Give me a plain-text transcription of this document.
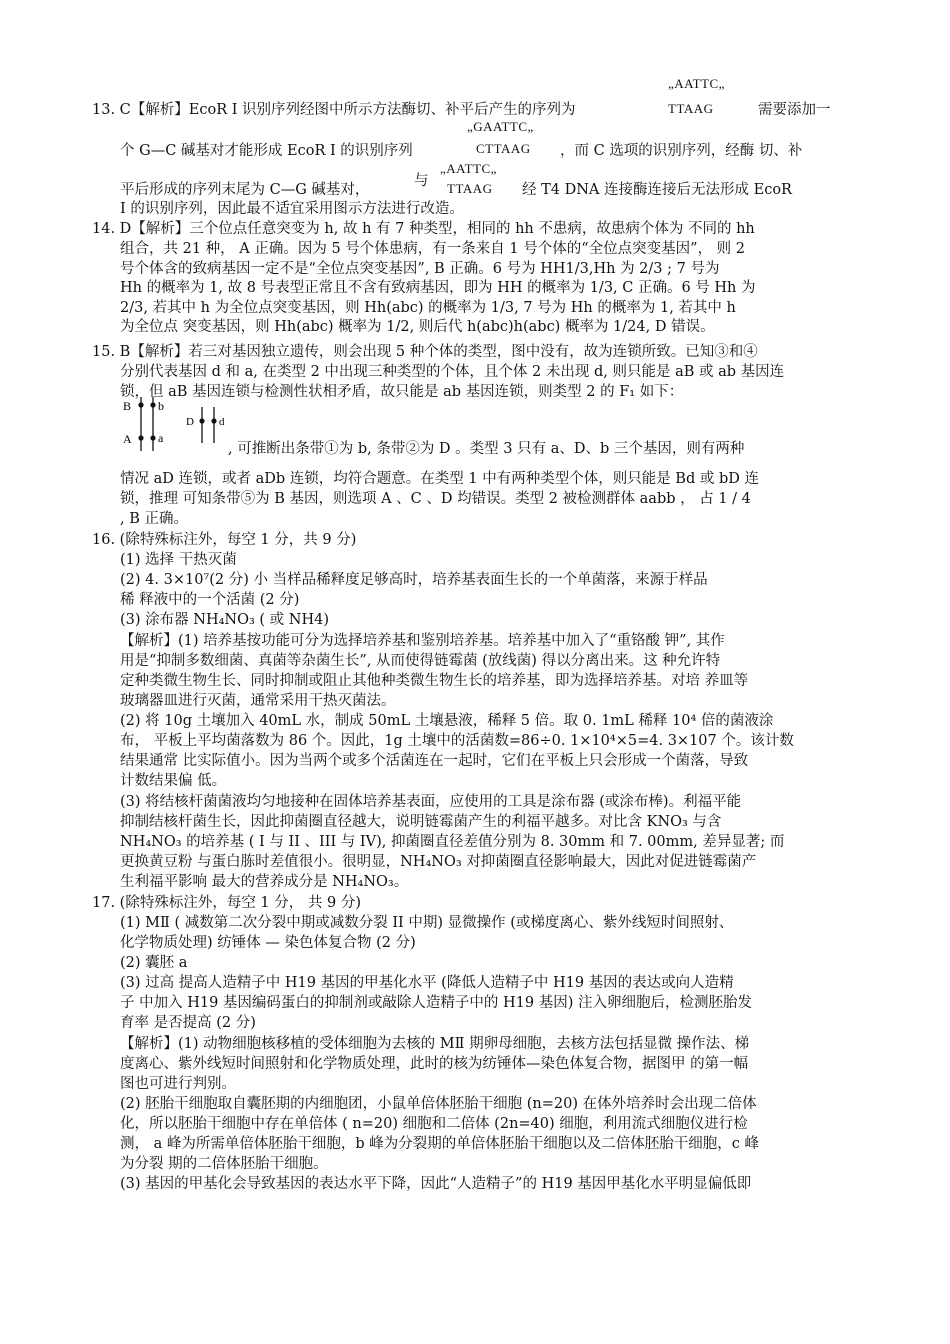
„AATTC„
TTAAG
„GAATTC„
CTTAAG
„AATTC„
TTAAG
13. C【解析】EcoR I 识别序列经图中所示方法酶切、补平后产生的序列为	需要添加一
个 G—C 碱基对才能形成 EcoR I 的识别序列	，而 C 选项的识别序列，经酶 切、补
平后形成的序列末尾为 C—G 碱基对，
与
经 T4 DNA 连接酶连接后无法形成 EcoR
I 的识别序列，因此最不适宜采用图示方法进行改造。
14. D【解析】三个位点任意突变为 h, 故 h 有 7 种类型，相同的 hh 不患病，故患病个体为 不同的 hh
组合，共 21 种， A 正确。因为 5 号个体患病，有一条来自 1 号个体的“全位点突变基因”， 则 2
号个体含的致病基因一定不是“全位点突变基因”, B 正确。6 号为 HH1/3,Hh 为 2/3 ; 7 号为
Hh 的概率为 1, 故 8 号表型正常且不含有致病基因，即为 HH 的概率为 1/3, C 正确。6 号 Hh 为
2/3, 若其中 h 为全位点突变基因，则 Hh(abc) 的概率为 1/3, 7 号为 Hh 的概率为 1, 若其中 h
为全位点 突变基因，则 Hh(abc) 概率为 1/2, 则后代 h(abc)h(abc) 概率为 1/24, D 错误。
15. B【解析】若三对基因独立遗传，则会出现 5 种个体的类型，图中没有，故为连锁所致。已知③和④
分别代表基因 d 和 a, 在类型 2 中出现三种类型的个体，且个体 2 未出现 d, 则只能是 aB 或 ab 基因连
锁，但 aB 基因连锁与检测性状相矛盾，故只能是 ab 基因连锁，则类型 2 的 F₁ 如下：
B b
A a
D d
, 可推断出条带①为 b, 条带②为 D 。类型 3 只有 a、D、b 三个基因，则有两种
情况 aD 连锁，或者 aDb 连锁，均符合题意。在类型 1 中有两种类型个体，则只能是 Bd 或 bD 连
锁，推理 可知条带⑤为 B 基因，则选项 A 、C 、D 均错误。类型 2 被检测群体 aabb ， 占 1 / 4
, B 正确。
16. (除特殊标注外，每空 1 分，共 9 分)
(1) 选择 干热灭菌
(2) 4. 3×10⁷(2 分) 小 当样品稀释度足够高时，培养基表面生长的一个单菌落，来源于样品
稀 释液中的一个活菌 (2 分)
(3) 涂布器 NH₄NO₃ ( 或 NH4)
【解析】(1) 培养基按功能可分为选择培养基和鉴别培养基。培养基中加入了“重铬酸 钾”, 其作
用是“抑制多数细菌、真菌等杂菌生长”, 从而使得链霉菌 (放线菌) 得以分离出来。这 种允许特
定种类微生物生长、同时抑制或阻止其他种类微生物生长的培养基，即为选择培养基。对培 养皿等
玻璃器皿进行灭菌，通常采用干热灭菌法。
(2) 将 10g 土壤加入 40mL 水，制成 50mL 土壤悬液，稀释 5 倍。取 0. 1mL 稀释 10⁴ 倍的菌液涂
布， 平板上平均菌落数为 86 个。因此，1g 土壤中的活菌数=86÷0. 1×10⁴×5=4. 3×107 个。该计数
结果通常 比实际值小。因为当两个或多个活菌连在一起时，它们在平板上只会形成一个菌落，导致
计数结果偏 低。
(3) 将结核杆菌菌液均匀地接种在固体培养基表面，应使用的工具是涂布器 (或涂布棒)。利福平能
抑制结核杆菌生长，因此抑菌圈直径越大，说明链霉菌产生的利福平越多。对比含 KNO₃ 与含
NH₄NO₃ 的培养基 ( I 与 II 、III 与 IV), 抑菌圈直径差值分别为 8. 30mm 和 7. 00mm, 差异显著; 而
更换黄豆粉 与蛋白胨时差值很小。很明显，NH₄NO₃ 对抑菌圈直径影响最大，因此对促进链霉菌产
生利福平影响 最大的营养成分是 NH₄NO₃。
17. (除特殊标注外，每空 1 分， 共 9 分)
(1) MⅡ ( 减数第二次分裂中期或减数分裂 II 中期) 显微操作 (或梯度离心、紫外线短时间照射、
化学物质处理) 纺锤体 — 染色体复合物 (2 分)
(2) 囊胚 a
(3) 过高 提高人造精子中 H19 基因的甲基化水平 (降低人造精子中 H19 基因的表达或向人造精
子 中加入 H19 基因编码蛋白的抑制剂或敲除人造精子中的 H19 基因) 注入卵细胞后，检测胚胎发
育率 是否提高 (2 分)
【解析】(1) 动物细胞核移植的受体细胞为去核的 MⅡ 期卵母细胞，去核方法包括显微 操作法、梯
度离心、紫外线短时间照射和化学物质处理，此时的核为纺锤体—染色体复合物，据图甲 的第一幅
图也可进行判别。
(2) 胚胎干细胞取自囊胚期的内细胞团，小鼠单倍体胚胎干细胞 (n=20) 在体外培养时会出现二倍体
化，所以胚胎干细胞中存在单倍体 ( n=20) 细胞和二倍体 (2n=40) 细胞，利用流式细胞仪进行检
测， a 峰为所需单倍体胚胎干细胞，b 峰为分裂期的单倍体胚胎干细胞以及二倍体胚胎干细胞，c 峰
为分裂 期的二倍体胚胎干细胞。
(3) 基因的甲基化会导致基因的表达水平下降，因此“人造精子”的 H19 基因甲基化水平明显偏低即
